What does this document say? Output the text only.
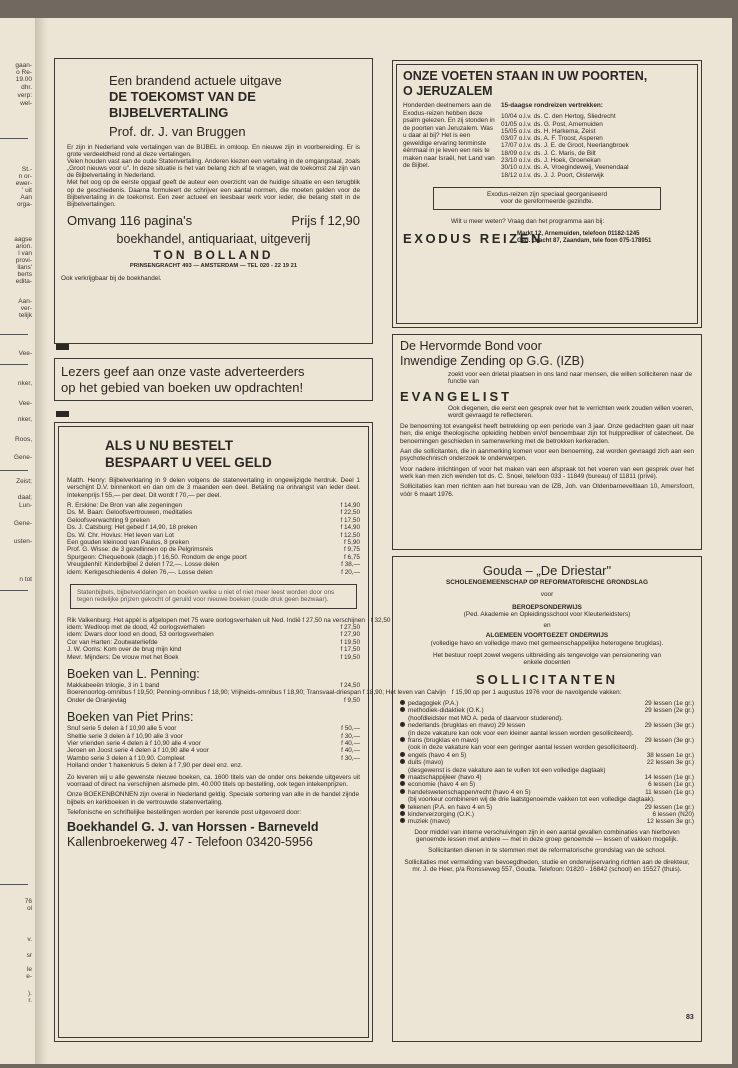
gaan-
o Re-
19.00
dhr.
verp:
wel-
St.-
n or-
ewer-
' uit
Aan
orga-
aagse
arion.
l van
provi-
llans'
berts
edita-
Aan-
ver-
telijk
Vee-
nker,
Vee-
nker,
Roos,
Gene-
Zeist;
daal;
Lun-
Gene-
usten-
n tot
76
ol
v.
sr
le
e-
).
r.
Een brandend actuele uitgave
DE TOEKOMST VAN DE
BIJBELVERTALING
Prof. dr. J. van Bruggen
Er zijn in Nederland vele vertalingen van de BIJBEL in omloop. En nieuwe zijn in voorbereiding. Er is grote verdeeldheid rond al deze vertalingen.
Velen houden vast aan de oude Statenvertaling. Anderen kiezen een vertaling in de omgangstaal, zoals „Groot nieuws voor u". In deze situatie is het van belang zich af te vragen, wat de toekomst zal zijn van de Bijbelvertaling in Nederland.
Met het oog op de eerste opgaaf geeft de auteur een overzicht van de huidige situatie en een terugblik op de geschiedenis. Daarna formuleert de schrijver een aantal normen, die moeten gelden voor de Bijbelvertaling in de toekomst. Een zeer actueel en leesbaar werk voor ieder, die belang stelt in de Bijbelvertalingen.
Omvang 116 pagina's	Prijs f 12,90
boekhandel, antiquariaat, uitgeverij
TON BOLLAND
PRINSENGRACHT 493 — AMSTERDAM — TEL 020 - 22 19 21
Ook verkrijgbaar bij de boekhandel.
Lezers geef aan onze vaste adverteerders
op het gebied van boeken uw opdrachten!
ALS U NU BESTELT
BESPAART U VEEL GELD
Matth. Henry: Bijbelverklaring in 9 delen volgens de statenvertaling in ongewijzigde herdruk. Deel 1 verschijnt D.V. binnenkort en dan om de 3 maanden een deel. Betaling na ontvangst van ieder deel. Intekenprijs f 55,— per deel. Dit wordt f 70,— per deel.
R. Erskine: De Bron van alle zegeningen	f 14,90
Ds. M. Baan: Geloofsvertrouwen, meditaties	f 22,50
Geloofsverwachting 9 preken	f 17,50
Ds. J. Catsburg: Het gebed f 14,90, 18 preken	f 14,90
Ds. W. Chr. Hovius: Het leven van Lot	f 12,50
Een gouden kleinood van Paulus, 8 preken	f 5,90
Prof. G. Wisse: de 3 gezellinnen op de Pelgrimsreis	f 9,75
Spurgeon: Chequeboek (dagb.) f 16,50. Rondom de enge poort	f 6,75
Vreugdenhil: Kinderbijbel 2 delen f 72,—. Losse delen	f 38,—
idem: Kerkgeschiedenis 4 delen 76,—. Losse delen	f 20,—
Statenbijbels, bijbelverklaringen en boeken welke u niet of niet meer leest worden door ons tegen redelijke prijzen gekocht of geruild voor nieuwe boeken (oude druk geen bezwaar).
Rik Valkenburg: Het appèl is afgelopen met 75 ware oorlogsverhalen uit Ned. Indië f 27,50 na verschijnen f 32,50
idem: Wedloop met de dood, 42 oorlogsverhalen	f 27,50
idem: Dwars door lood en dood, 53 oorlogsverhalen	f 27,90
Cor van Harten: Zoutwaterliefde	f 19,50
J. W. Ooms: Kom over de brug mijn kind	f 17,50
Mevr. Mijnders: De vrouw met het Boek	f 19,50
Boeken van L. Penning:
Makkabeeën trilogie, 3 in 1 band	f 24,50
Boerenoorlog-omnibus f 19,50; Penning-omnibus f 18,90; Vrijheids-omnibus f 18,90; Transvaal-driespan f 18,90; Het leven van Calvijn f 15,90
Onder de Oranjevlag	f 9,50
Boeken van Piet Prins:
Snuf serie 5 delen à f 10,90 alle 5 voor	f 50,—
Sheltie serie 3 delen à f 10,90 alle 3 voor	f 30,—
Vier vrienden serie 4 delen à f 10,90 alle 4 voor	f 40,—
Jeroen en Joost serie 4 delen à f 10,90 alle 4 voor	f 40,—
Wambo serie 3 delen à f 10,90. Compleet	f 30,—
Holland onder 't hakenkruis 5 delen à f 7,90 per deel enz. enz.
Zo leveren wij u alle gewenste nieuwe boeken, ca. 1600 titels van de onder ons bekende uitgevers uit voorraad of direct na verschijnen alsmede plm. 40.000 titels op bestelling, ook tegen intekenprijzen.
Onze BOEKENBONNEN zijn overal in Nederland geldig. Speciale sortering van alle in de handel zijnde bijbels en kerkboeken in de vertrouwde statenvertaling.
Telefonische en schriftelijke bestellingen worden per kerende post uitgevoerd door:
Boekhandel G. J. van Horssen - Barneveld
Kallenbroekerweg 47 - Telefoon 03420-5956
ONZE VOETEN STAAN IN UW POORTEN,
O JERUZALEM
Honderden deelnemers aan de Exodus-reizen hebben deze psalm gelezen. En zij stonden in de poorten van Jeruzalem. Was u daar al bij? Het is een geweldige ervaring tenminste éénmaal in je leven een reis te maken naar Israël, het Land van de Bijbel.
15-daagse rondreizen vertrekken:
10/04 o.l.v. ds. C. den Hertog, Sliedrecht
01/05 o.l.v. ds. G. Post, Arnemuiden
15/05 o.l.v. ds. H. Harkema, Zeist
03/07 o.l.v. ds. A. F. Troost, Asperen
17/07 o.l.v. ds. J. E. de Groot, Neerlangbroek
18/09 o.l.v. ds. J. C. Maris, de Bilt
23/10 o.l.v. ds. J. Hoek, Groenekan
30/10 o.l.v. ds. A. Vroegindeweij, Veenendaal
18/12 o.l.v. ds. J. J. Poort, Oisterwijk
Exodus-reizen zijn speciaal georganiseerd
voor de gereformeerde gezindte.
Wilt u meer weten? Vraag dan het programma aan bij:
EXODUS REIZEN
Markt 12, Arnemuiden, telefoon 01182-1245
Ged. Gracht 87, Zaandam, tele foon 075-178951
De Hervormde Bond voor
Inwendige Zending op G.G. (IZB)
zoekt voor een drietal plaatsen in ons land naar mensen, die willen solliciteren naar de functie van
EVANGELIST
Ook diegenen, die eerst een gesprek over het te verrichten werk zouden willen voeren, wordt gevraagd te reflecteren.
De benoeming tot evangelist heeft betrekking op een periode van 3 jaar. Onze gedachten gaan uit naar hen, die enige theologische opleiding hebben en/of benoembaar zijn tot hulpprediker of catecheet. De benoemingen geschieden in samenwerking met de betrokken kerkeraden.
Aan die sollicitanten, die in aanmerking komen voor een benoeming, zal worden gevraagd zich aan een psychotechnisch onderzoek te onderwerpen.
Voor nadere inlichtingen of voor het maken van een afspraak tot het voeren van een gesprek over het werk kan men zich wenden tot ds. C. Snoei, telefoon 033 - 11849 (bureau) of 11811 (privé).
Sollicitaties kan men richten aan het bureau van de IZB, Joh. van Oldenbarneveltlaan 10, Amersfoort, vóór 6 maart 1976.
Gouda – „De Driestar"
SCHOLENGEMEENSCHAP OP REFORMATORISCHE GRONDSLAG
voor
BEROEPSONDERWIJS
(Ped. Akademie en Opleidingsschool voor Kleuterleidsters)
en
ALGEMEEN VOORTGEZET ONDERWIJS
(volledige havo en volledige mavo met gemeenschappelijke heterogene brugklas).
Het bestuur roept zowel wegens uitbreiding als tengevolge van pensionering van enkele docenten
SOLLICITANTEN
op per 1 augustus 1976 voor de navolgende vakken:
pedagogiek (P.A.)	29 lessen (1e gr.)
methodiek-didaktiek (O.K.)	29 lessen (2e gr.)
(hoofdleidster met MO A. peda of daarvoor studerend).
nederlands (brugklas en mavo) 29 lessen	29 lessen (3e gr.)
(in deze vakature kan ook voor een kleiner aantal lessen worden gesolliciteerd).
frans (brugklas en mavo)	29 lessen (3e gr.)
(ook in deze vakature kan voor een geringer aantal lessen worden gesolliciteerd).
engels (havo 4 en 5)	38 lessen 1e gr.)
duits (mavo)	22 lessen 3e gr.)
(desgewenst is deze vakature aan te vullen tot een volledige dagtaak)
maatschappijleer (havo 4)	14 lessen (1e gr.)
economie (havo 4 en 5)	6 lessen (1e gr.)
handelswetenschappen/recht (havo 4 en 5)	11 lessen (1e gr.)
(bij voorkeur combineren wij de drie laatstgenoemde vakken tot een volledige dagtaak).
tekenen (P.A. en havo 4 en 5)	29 lessen (1e gr.)
kinderverzorging (O.K.)	6 lessen (N20)
muziek (mavo)	12 lessen 3e gr.)
Door middel van interne verschuivingen zijn in een aantal gevallen combinaties van hierboven genoemde lessen met andere — met in deze groep genoemde — lessen of vakken mogelijk.
Sollicitanten dienen in te stemmen met de reformatorische grondslag van de school.
Sollicitaties met vermelding van bevoegdheden, studie en onderwijservaring richten aan de direkteur, mr. J. de Heer, p/a Ronsseweg 557, Gouda. Telefoon: 01820 - 16842 (school) en 15527 (thuis).
83
